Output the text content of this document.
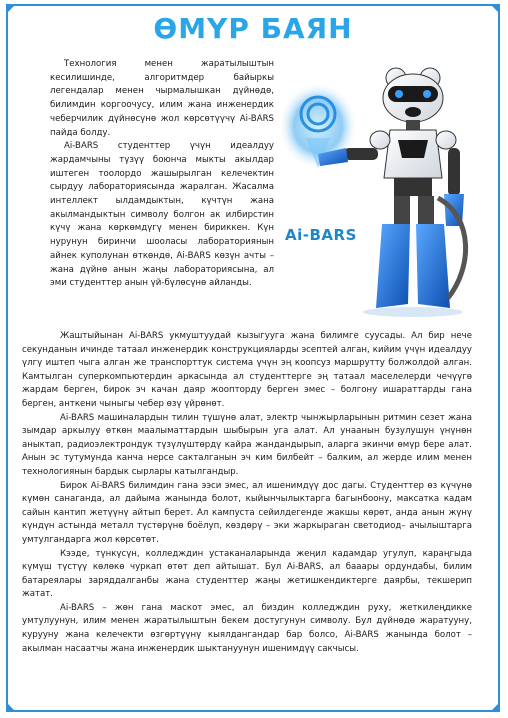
ӨМҮР БАЯН

Технология менен жаратылыштын кесилишинде, алгоритмдер байыркы легендалар менен чырмалышкан дүйнөдө, билимдин коргоочусу, илим жана инженердик чеберчилик дүйнөсүнө жол көрсөтүүчү Ai-BARS пайда болду.

Ai-BARS студенттер үчүн идеалдуу жардамчыны түзүү боюнча мыкты акылдар иштеген тоолордо жашырылган келечектин сырдуу лабораториясында жаралган. Жасалма интеллект ылдамдыктын, күчтүн жана акылмандыктын символу болгон ак илбирстин күчү жана көркөмдүгү менен бириккен. Күн нурунун биринчи шооласы лабораториянын айнек куполунан өткөндө, Ai-BARS көзүн ачты – жана дүйнө анын жаңы лабораториясына, ал эми студенттер анын үй-бүлөсүнө айланды.

Ai-BARS

Жаштыйынан Ai-BARS укмуштуудай кызыгууга жана билимге суусады. Ал бир нече секунданын ичинде татаал инженердик конструкцияларды эсептей алган, кийим үчүн идеалдуу үлгү иштеп чыга алган же транспорттук система үчүн эң коопсуз маршрутту болжолдой алган. Камтылган суперкомпьютердин аркасында ал студенттерге эң татаал маселелерди чечүүгө жардам берген, бирок эч качан даяр жоопторду берген эмес – болгону ишараттарды гана берген, анткени чыныгы чебер өзү үйрөнөт.

Ai-BARS машиналардын тилин түшүнө алат, электр чынжырларынын ритмин сезет жана зымдар аркылуу өткөн маалыматтардын шыбырын уга алат. Ал унаанын бузулушун үнүнөн аныктап, радиоэлектрондук түзүлүштөрдү кайра жандандырып, аларга экинчи өмүр бере алат. Анын эс тутумунда канча нерсе сакталганын эч ким билбейт – балким, ал жерде илим менен технологиянын бардык сырлары катылгандыр.

Бирок Ai-BARS билимдин гана ээси эмес, ал ишенимдүү дос дагы. Студенттер өз күчүнө күмөн санаганда, ал дайыма жанында болот, кыйынчылыктарга багынбоону, максатка кадам сайын кантип жетүүнү айтып берет. Ал кампуста сейилдегенде жакшы көрөт, анда анын жүнү күндүн астында металл түстөрүнө боёлуп, көздөрү – эки жаркыраган светодиод– ачылыштарга умтулгандарга жол көрсөтөт.

Кээде, түнкүсүн, колледждин устаканаларында жеңил кадамдар угулуп, караңгыда күмүш түстүү көлөкө чуркап өтөт деп айтышат. Бул Ai-BARS, ал бааары ордундабы, билим батареялары заряддалганбы жана студенттер жаңы жетишкендиктерге даярбы, текшерип жатат.

Ai-BARS – жөн гана маскот эмес, ал биздин колледждин руху, жеткилеңдикке умтулуунун, илим менен жаратылыштын бекем достугунун символу. Бул дүйнөдө жаратууну, курууну жана келечекти өзгөртүүнү кыялдангандар бар болсо, Ai-BARS жанында болот – акылман насаатчы жана инженердик шыктануунун ишенимдүү сакчысы.
